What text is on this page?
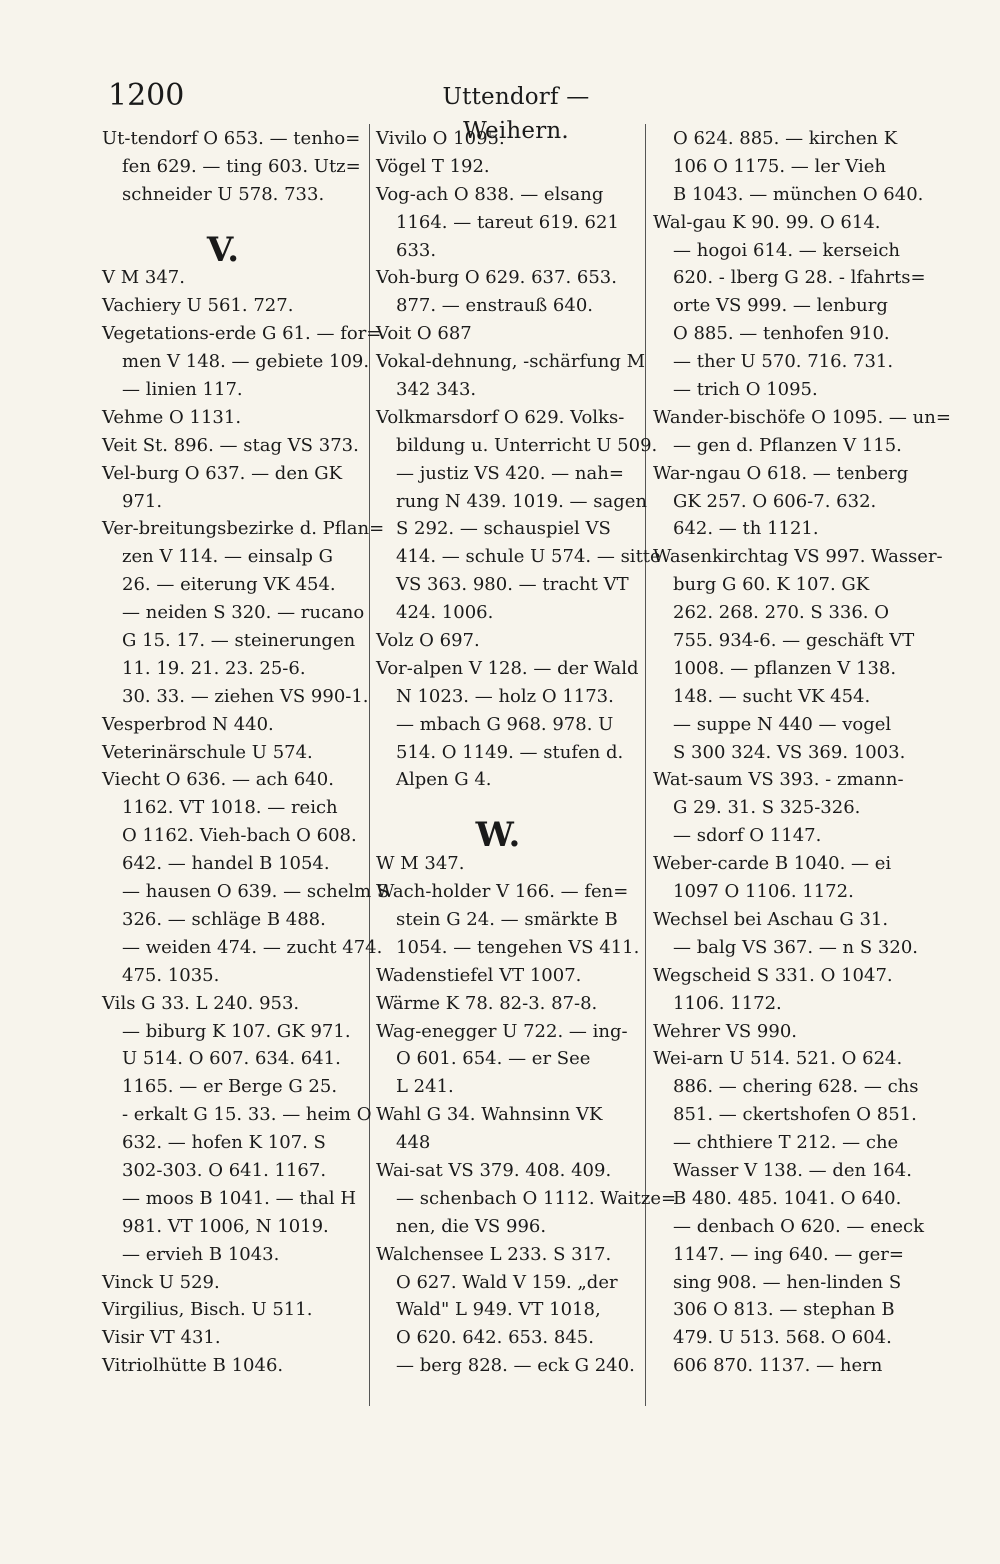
1200	Uttendorf — Weihern.
Ut-tendorf O 653. — tenho=
fen 629. — ting 603. Utz=
schneider U 578. 733.
V.
V M 347.
Vachiery U 561. 727.
Vegetations-erde G 61. — for=
men V 148. — gebiete 109.
— linien 117.
Vehme O 1131.
Veit St. 896. — stag VS 373.
Vel-burg O 637. — den GK
971.
Ver-breitungsbezirke d. Pflan=
zen V 114. — einsalp G
26. — eiterung VK 454.
— neiden S 320. — rucano
G 15. 17. — steinerungen
11. 19. 21. 23. 25-6.
30. 33. — ziehen VS 990-1.
Vesperbrod N 440.
Veterinärschule U 574.
Viecht O 636. — ach 640.
1162. VT 1018. — reich
O 1162. Vieh-bach O 608.
642. — handel B 1054.
— hausen O 639. — schelm S
326. — schläge B 488.
— weiden 474. — zucht 474.
475. 1035.
Vils G 33. L 240. 953.
— biburg K 107. GK 971.
U 514. O 607. 634. 641.
1165. — er Berge G 25.
- erkalt G 15. 33. — heim O
632. — hofen K 107. S
302-303. O 641. 1167.
— moos B 1041. — thal H
981. VT 1006, N 1019.
— ervieh B 1043.
Vinck U 529.
Virgilius, Bisch. U 511.
Visir VT 431.
Vitriolhütte B 1046.
Vivilo O 1095.
Vögel T 192.
Vog-ach O 838. — elsang
1164. — tareut 619. 621
633.
Voh-burg O 629. 637. 653.
877. — enstrauß 640.
Voit O 687
Vokal-dehnung, -schärfung M
342 343.
Volkmarsdorf O 629. Volks-
bildung u. Unterricht U 509.
— justiz VS 420. — nah=
rung N 439. 1019. — sagen
S 292. — schauspiel VS
414. — schule U 574. — sitte
VS 363. 980. — tracht VT
424. 1006.
Volz O 697.
Vor-alpen V 128. — der Wald
N 1023. — holz O 1173.
— mbach G 968. 978. U
514. O 1149. — stufen d.
Alpen G 4.
W.
W M 347.
Wach-holder V 166. — fen=
stein G 24. — smärkte B
1054. — tengehen VS 411.
Wadenstiefel VT 1007.
Wärme K 78. 82-3. 87-8.
Wag-enegger U 722. — ing-
O 601. 654. — er See
L 241.
Wahl G 34. Wahnsinn VK
448
Wai-sat VS 379. 408. 409.
— schenbach O 1112. Waitze=
nen, die VS 996.
Walchensee L 233. S 317.
O 627. Wald V 159. „der
Wald" L 949. VT 1018,
O 620. 642. 653. 845.
— berg 828. — eck G 240.
O 624. 885. — kirchen K
106 O 1175. — ler Vieh
B 1043. — münchen O 640.
Wal-gau K 90. 99. O 614.
— hogoi 614. — kerseich
620. - lberg G 28. - lfahrts=
orte VS 999. — lenburg
O 885. — tenhofen 910.
— ther U 570. 716. 731.
— trich O 1095.
Wander-bischöfe O 1095. — un=
— gen d. Pflanzen V 115.
War-ngau O 618. — tenberg
GK 257. O 606-7. 632.
642. — th 1121.
Wasenkirchtag VS 997. Wasser-
burg G 60. K 107. GK
262. 268. 270. S 336. O
755. 934-6. — geschäft VT
1008. — pflanzen V 138.
148. — sucht VK 454.
— suppe N 440 — vogel
S 300 324. VS 369. 1003.
Wat-saum VS 393. - zmann-
G 29. 31. S 325-326.
— sdorf O 1147.
Weber-carde B 1040. — ei
1097 O 1106. 1172.
Wechsel bei Aschau G 31.
— balg VS 367. — n S 320.
Wegscheid S 331. O 1047.
1106. 1172.
Wehrer VS 990.
Wei-arn U 514. 521. O 624.
886. — chering 628. — chs
851. — ckertshofen O 851.
— chthiere T 212. — che
Wasser V 138. — den 164.
B 480. 485. 1041. O 640.
— denbach O 620. — eneck
1147. — ing 640. — ger=
sing 908. — hen-linden S
306 O 813. — stephan B
479. U 513. 568. O 604.
606 870. 1137. — hern
